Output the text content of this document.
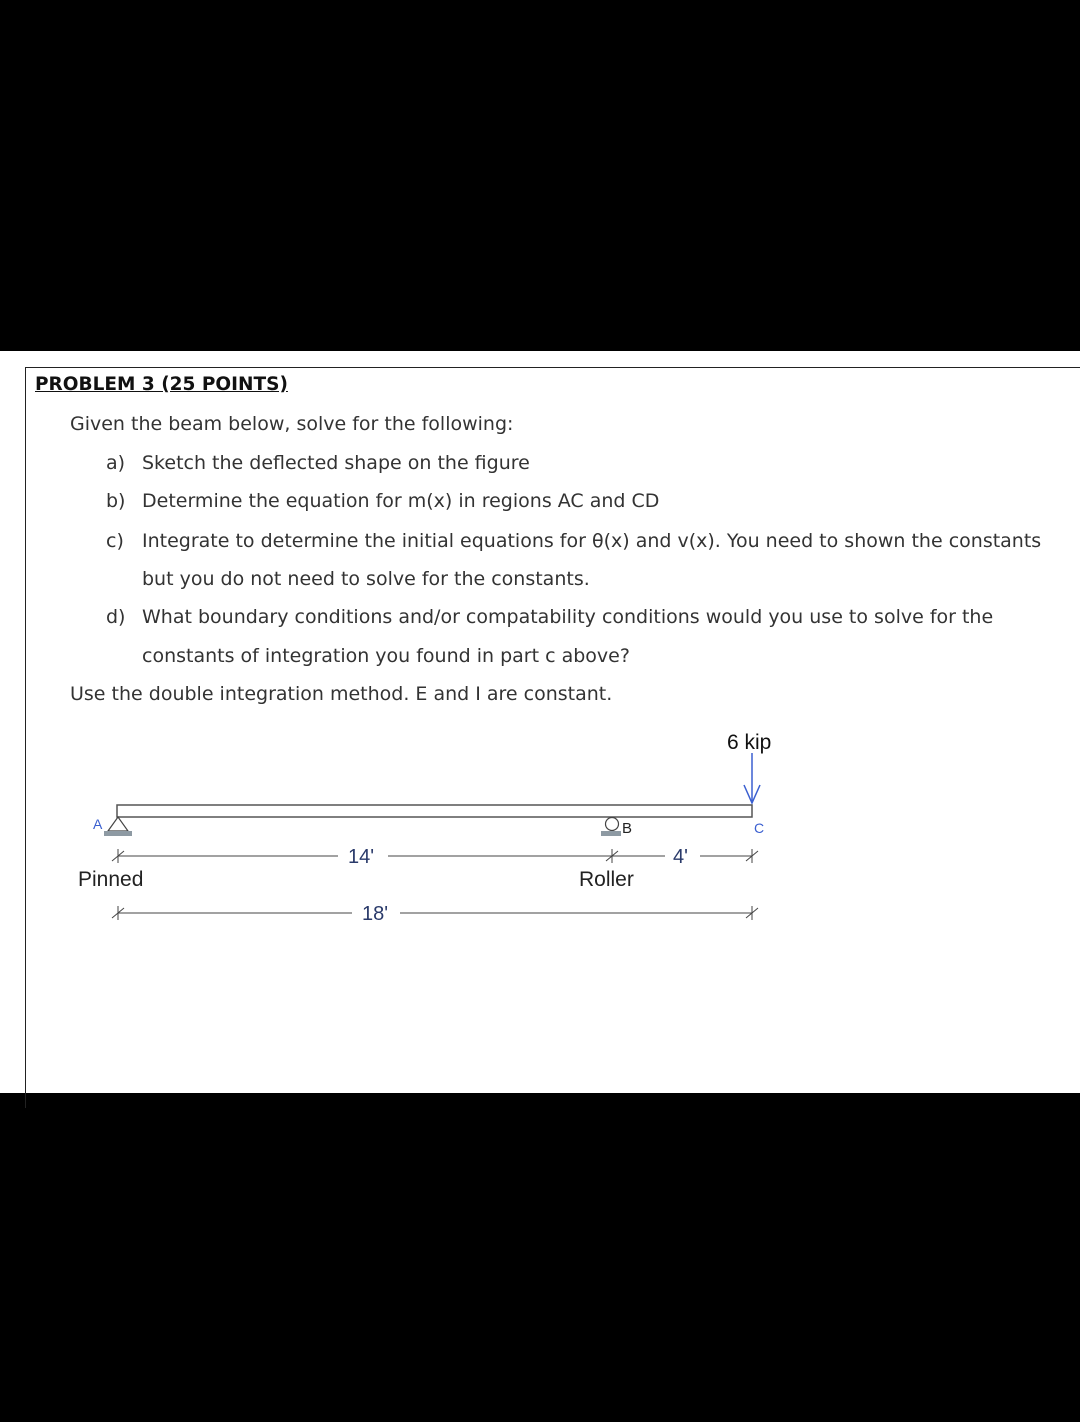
PROBLEM 3 (25 POINTS)
Given the beam below, solve for the following:
a) Sketch the deflected shape on the figure
b) Determine the equation for m(x) in regions AC and CD
c) Integrate to determine the initial equations for θ(x) and v(x). You need to shown the constants
but you do not need to solve for the constants.
d) What boundary conditions and/or compatability conditions would you use to solve for the
constants of integration you found in part c above?
Use the double integration method. E and I are constant.
6 kip
A	B	C
14'	4'
Pinned	Roller
18'
